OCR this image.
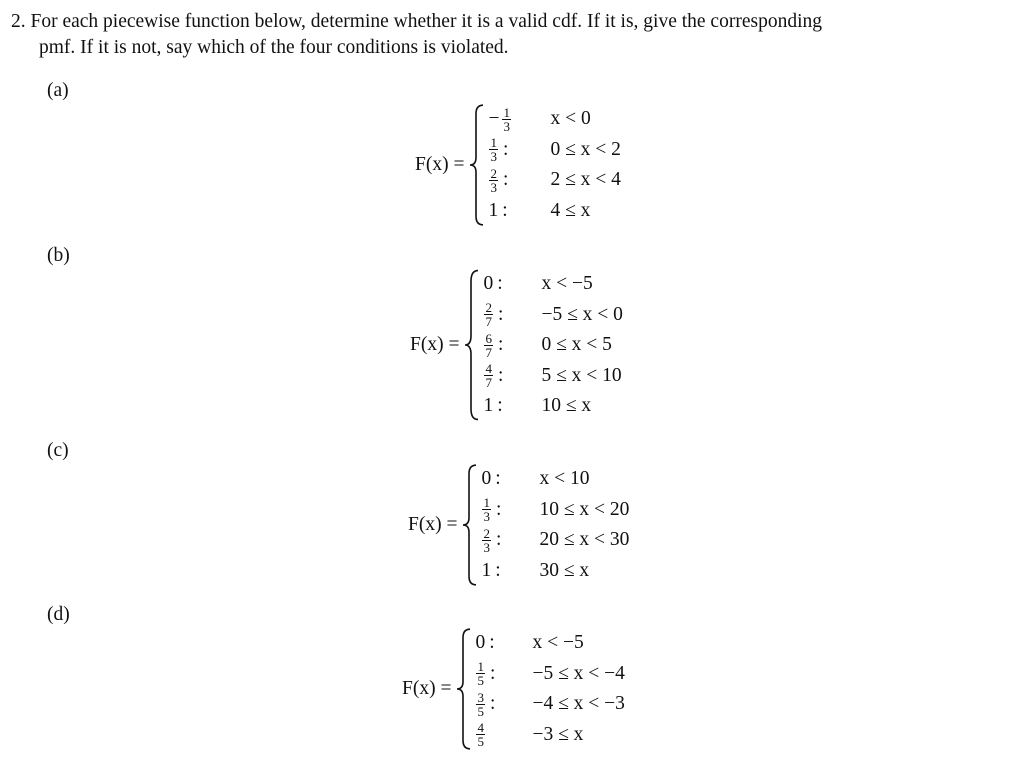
2. For each piecewise function below, determine whether it is a valid cdf. If it is, give the corresponding
pmf. If it is not, say which of the four conditions is violated.
(a)
(b)
(c)
(d)
F(x) =
− $\frac{1}{3}$ x < 0
$\frac{1}{3}$ : 0 ≤ x < 2
$\frac{2}{3}$ : 2 ≤ x < 4
1 : 4 ≤ x
F(x) =
0 : x < −5
$\frac{2}{7}$ : −5 ≤ x < 0
$\frac{6}{7}$ : 0 ≤ x < 5
$\frac{4}{7}$ : 5 ≤ x < 10
1 : 10 ≤ x
F(x) =
0 : x < 10
$\frac{1}{3}$ : 10 ≤ x < 20
$\frac{2}{3}$ : 20 ≤ x < 30
1 : 30 ≤ x
F(x) =
0 : x < −5
$\frac{1}{5}$ : −5 ≤ x < −4
$\frac{3}{5}$ : −4 ≤ x < −3
$\frac{4}{5} -3 \le x$
